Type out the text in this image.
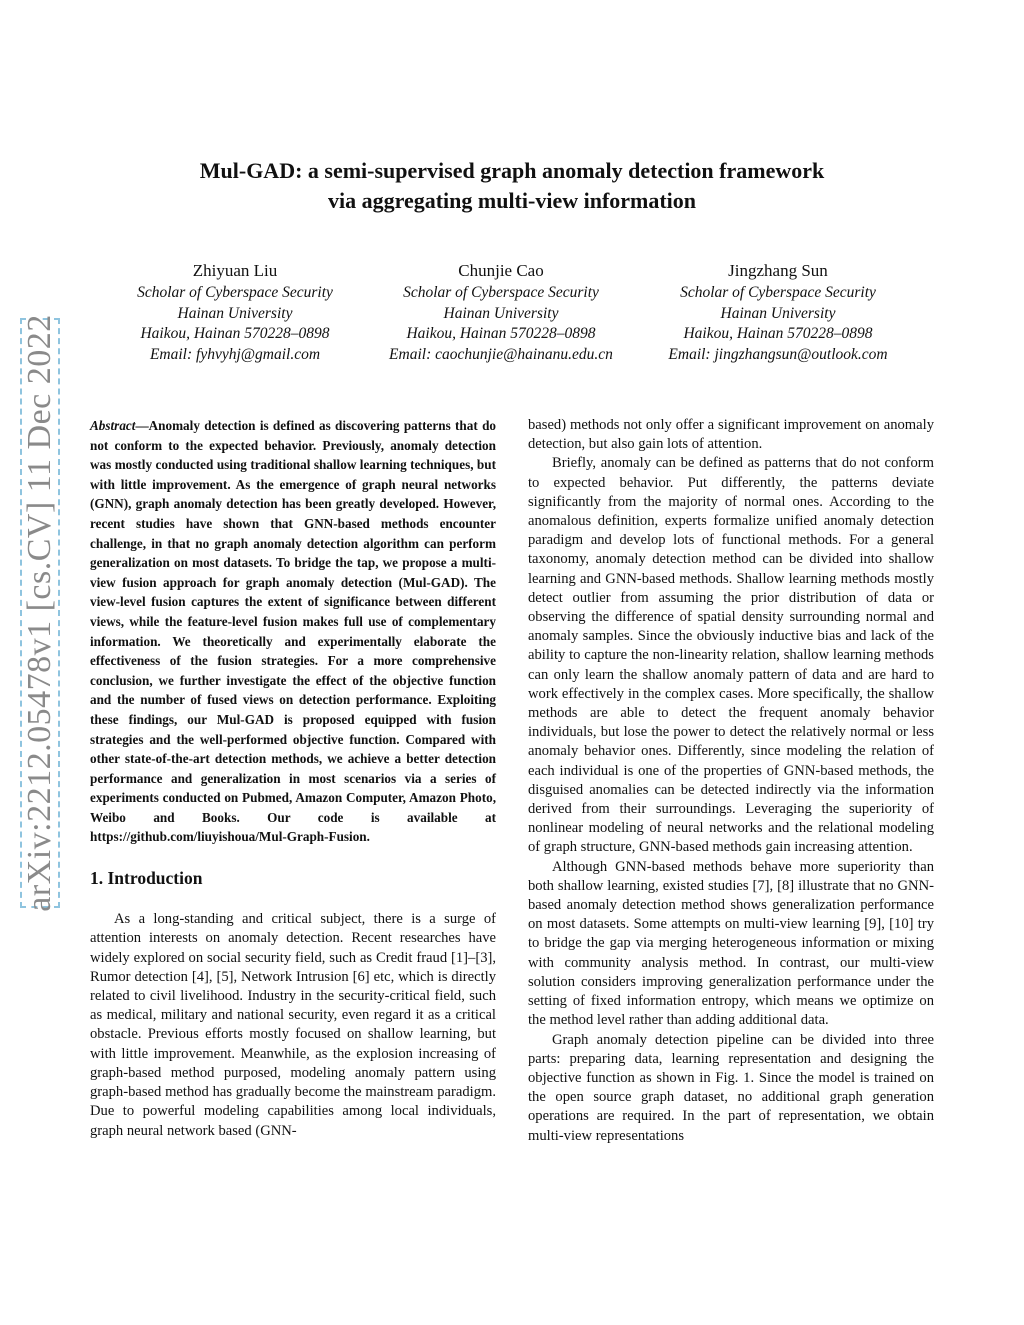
arXiv:2212.05478v1 [cs.CV] 11 Dec 2022
Mul-GAD: a semi-supervised graph anomaly detection framework
via aggregating multi-view information
Zhiyuan Liu
Scholar of Cyberspace Security
Hainan University
Haikou, Hainan 570228–0898
Email: fyhvyhj@gmail.com
Chunjie Cao
Scholar of Cyberspace Security
Hainan University
Haikou, Hainan 570228–0898
Email: caochunjie@hainanu.edu.cn
Jingzhang Sun
Scholar of Cyberspace Security
Hainan University
Haikou, Hainan 570228–0898
Email: jingzhangsun@outlook.com

Abstract—Anomaly detection is defined as discovering patterns that do not conform to the expected behavior. Previously, anomaly detection was mostly conducted using traditional shallow learning techniques, but with little improvement. As the emergence of graph neural networks (GNN), graph anomaly detection has been greatly developed. However, recent studies have shown that GNN-based methods encounter challenge, in that no graph anomaly detection algorithm can perform generalization on most datasets. To bridge the tap, we propose a multi-view fusion approach for graph anomaly detection (Mul-GAD). The view-level fusion captures the extent of significance between different views, while the feature-level fusion makes full use of complementary information. We theoretically and experimentally elaborate the effectiveness of the fusion strategies. For a more comprehensive conclusion, we further investigate the effect of the objective function and the number of fused views on detection performance. Exploiting these findings, our Mul-GAD is proposed equipped with fusion strategies and the well-performed objective function. Compared with other state-of-the-art detection methods, we achieve a better detection performance and generalization in most scenarios via a series of experiments conducted on Pubmed, Amazon Computer, Amazon Photo, Weibo and Books. Our code is available at https://github.com/liuyishoua/Mul-Graph-Fusion.

1. Introduction

As a long-standing and critical subject, there is a surge of attention interests on anomaly detection. Recent researches have widely explored on social security field, such as Credit fraud [1]–[3], Rumor detection [4], [5], Network Intrusion [6] etc, which is directly related to civil livelihood. Industry in the security-critical field, such as medical, military and national security, even regard it as a critical obstacle. Previous efforts mostly focused on shallow learning, but with little improvement. Meanwhile, as the explosion increasing of graph-based method purposed, modeling anomaly pattern using graph-based method has gradually become the mainstream paradigm. Due to powerful modeling capabilities among local individuals, graph neural network based (GNN-

based) methods not only offer a significant improvement on anomaly detection, but also gain lots of attention.

Briefly, anomaly can be defined as patterns that do not conform to expected behavior. Put differently, the patterns deviate significantly from the majority of normal ones. According to the anomalous definition, experts formalize unified anomaly detection paradigm and develop lots of functional methods. For a general taxonomy, anomaly detection method can be divided into shallow learning and GNN-based methods. Shallow learning methods mostly detect outlier from assuming the prior distribution of data or observing the difference of spatial density surrounding normal and anomaly samples. Since the obviously inductive bias and lack of the ability to capture the non-linearity relation, shallow learning methods can only learn the shallow anomaly pattern of data and are hard to work effectively in the complex cases. More specifically, the shallow methods are able to detect the frequent anomaly behavior individuals, but lose the power to detect the relatively normal or less anomaly behavior ones. Differently, since modeling the relation of each individual is one of the properties of GNN-based methods, the disguised anomalies can be detected indirectly via the information derived from their surroundings. Leveraging the superiority of nonlinear modeling of neural networks and the relational modeling of graph structure, GNN-based methods gain increasing attention.

Although GNN-based methods behave more superiority than both shallow learning, existed studies [7], [8] illustrate that no GNN-based anomaly detection method shows generalization performance on most datasets. Some attempts on multi-view learning [9], [10] try to bridge the gap via merging heterogeneous information or mixing with community analysis method. In contrast, our multi-view solution considers improving generalization performance under the setting of fixed information entropy, which means we optimize on the method level rather than adding additional data.

Graph anomaly detection pipeline can be divided into three parts: preparing data, learning representation and designing the objective function as shown in Fig. 1. Since the model is trained on the open source graph dataset, no additional graph generation operations are required. In the part of representation, we obtain multi-view representations
